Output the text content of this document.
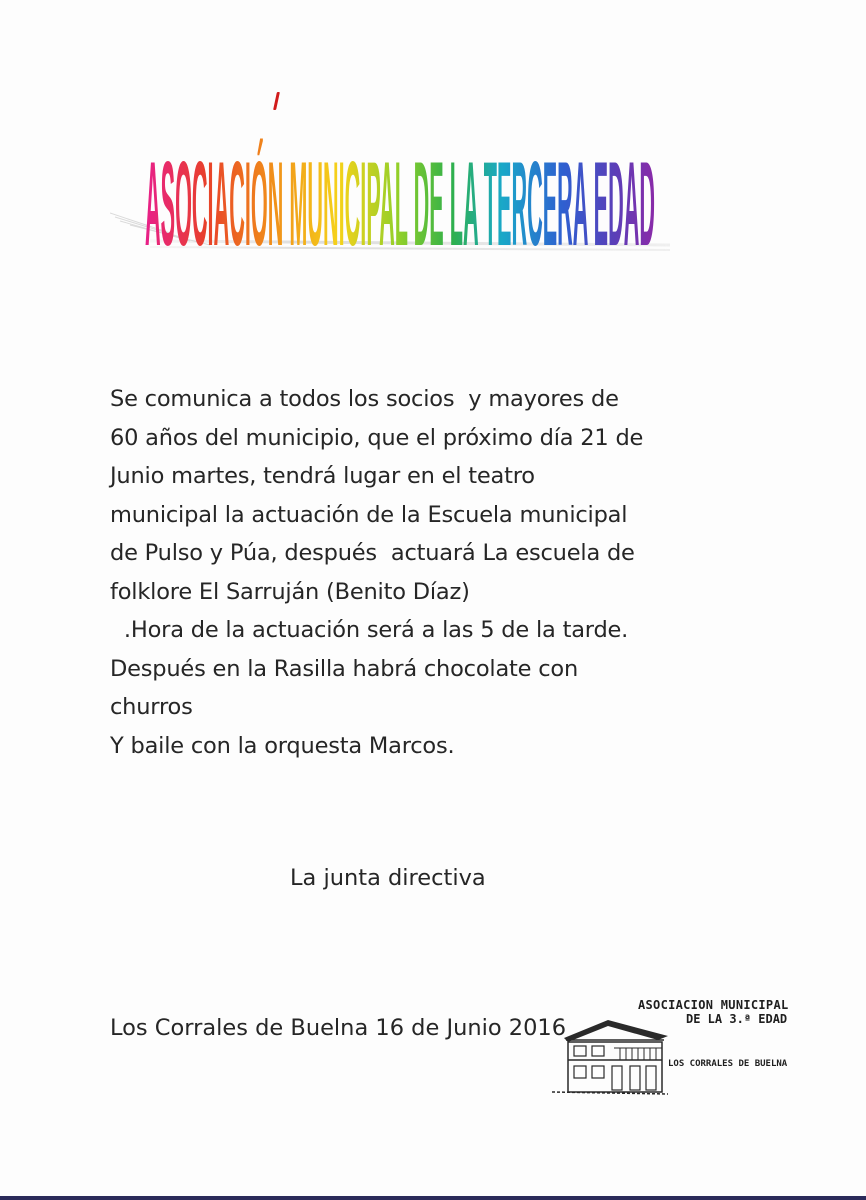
ASOCIACIÓN MUNICIPAL DE LA TERCERA EDAD
Se comunica a todos los socios  y mayores de
60 años del municipio, que el próximo día 21 de
Junio martes, tendrá lugar en el teatro
municipal la actuación de la Escuela municipal
de Pulso y Púa, después  actuará La escuela de
folklore El Sarruján (Benito Díaz)
.Hora de la actuación será a las 5 de la tarde.
Después en la Rasilla habrá chocolate con
churros
Y baile con la orquesta Marcos.
La junta directiva
Los Corrales de Buelna 16 de Junio 2016
ASOCIACION MUNICIPAL
DE LA 3.ª EDAD
LOS CORRALES DE BUELNA
